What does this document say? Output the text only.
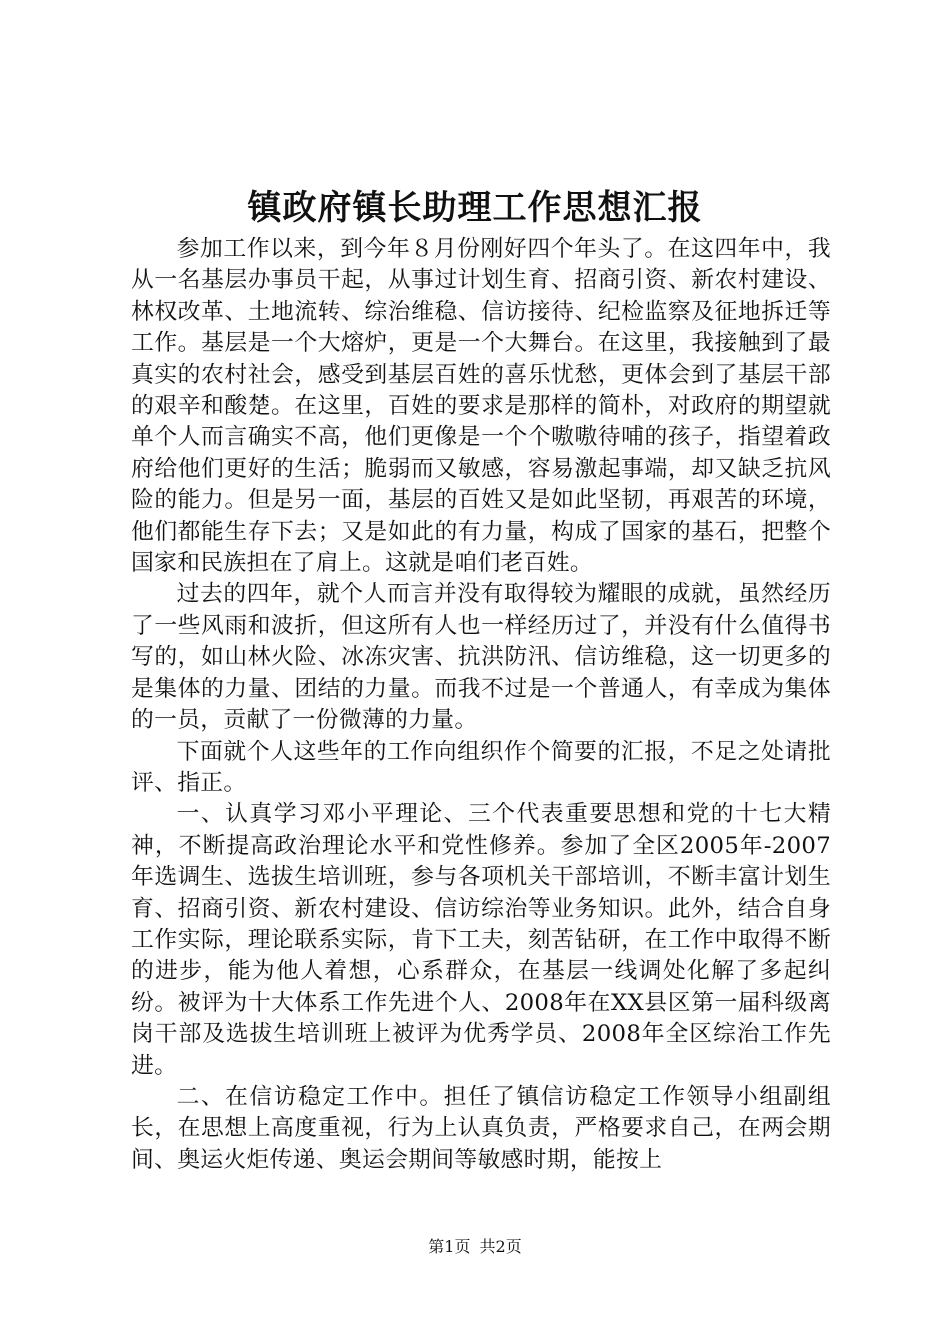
镇政府镇长助理工作思想汇报

参加工作以来，到今年８月份刚好四个年头了。在这四年中，我从一名基层办事员干起，从事过计划生育、招商引资、新农村建设、林权改革、土地流转、综治维稳、信访接待、纪检监察及征地拆迁等工作。基层是一个大熔炉，更是一个大舞台。在这里，我接触到了最真实的农村社会，感受到基层百姓的喜乐忧愁，更体会到了基层干部的艰辛和酸楚。在这里，百姓的要求是那样的简朴，对政府的期望就单个人而言确实不高，他们更像是一个个嗷嗷待哺的孩子，指望着政府给他们更好的生活；脆弱而又敏感，容易激起事端，却又缺乏抗风险的能力。但是另一面，基层的百姓又是如此坚韧，再艰苦的环境，他们都能生存下去；又是如此的有力量，构成了国家的基石，把整个国家和民族担在了肩上。这就是咱们老百姓。

过去的四年，就个人而言并没有取得较为耀眼的成就，虽然经历了一些风雨和波折，但这所有人也一样经历过了，并没有什么值得书写的，如山林火险、冰冻灾害、抗洪防汛、信访维稳，这一切更多的是集体的力量、团结的力量。而我不过是一个普通人，有幸成为集体的一员，贡献了一份微薄的力量。

下面就个人这些年的工作向组织作个简要的汇报，不足之处请批评、指正。

一、认真学习邓小平理论、三个代表重要思想和党的十七大精神，不断提高政治理论水平和党性修养。参加了全区2005年-2007年选调生、选拔生培训班，参与各项机关干部培训，不断丰富计划生育、招商引资、新农村建设、信访综治等业务知识。此外，结合自身工作实际，理论联系实际，肯下工夫，刻苦钻研，在工作中取得不断的进步，能为他人着想，心系群众，在基层一线调处化解了多起纠纷。被评为十大体系工作先进个人、2008年在XX县区第一届科级离岗干部及选拔生培训班上被评为优秀学员、2008年全区综治工作先进。

二、在信访稳定工作中。担任了镇信访稳定工作领导小组副组长，在思想上高度重视，行为上认真负责，严格要求自己，在两会期间、奥运火炬传递、奥运会期间等敏感时期，能按上

第1页 共2页
